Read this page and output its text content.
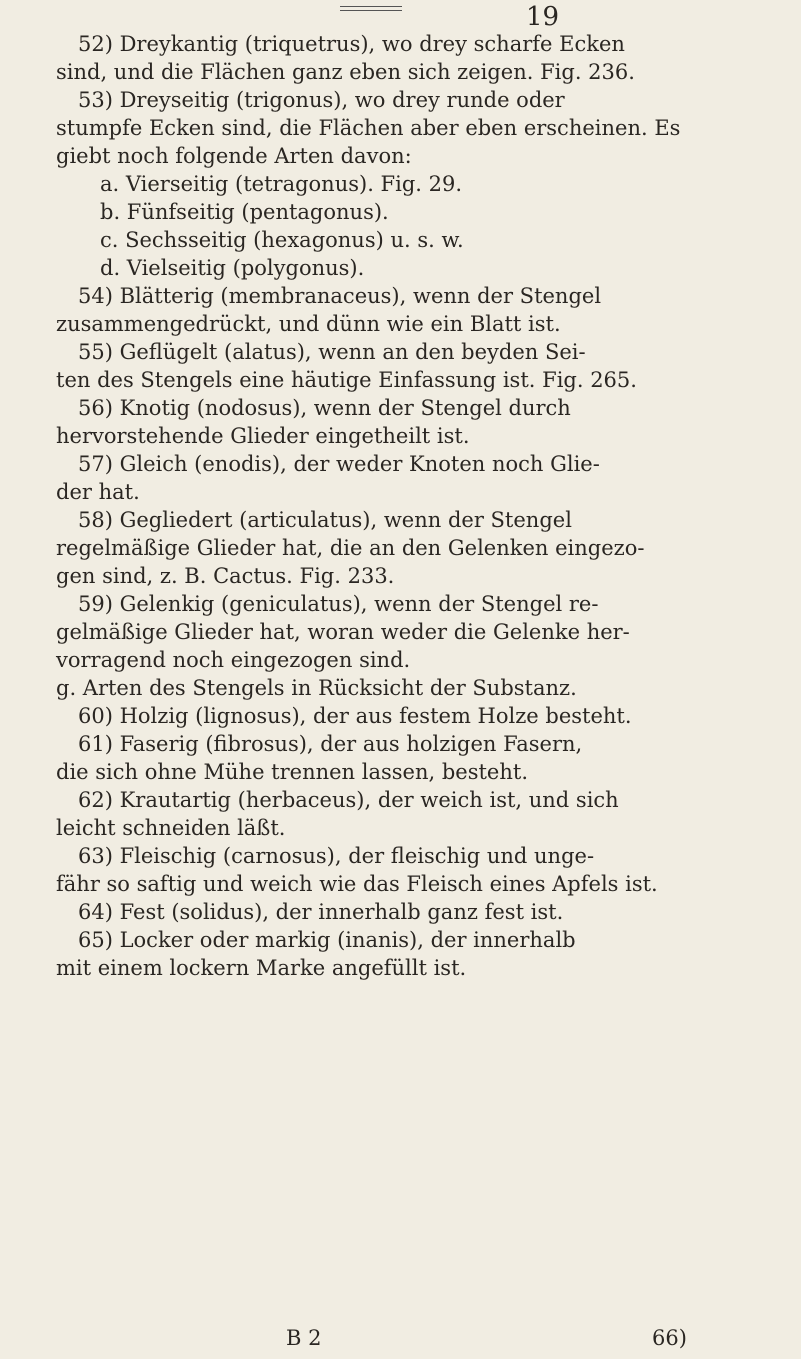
19
52) Dreykantig (triquetrus), wo drey scharfe Ecken
sind, und die Flächen ganz eben sich zeigen. Fig. 236.
53) Dreyseitig (trigonus), wo drey runde oder
stumpfe Ecken sind, die Flächen aber eben erscheinen. Es
giebt noch folgende Arten davon:
a. Vierseitig (tetragonus). Fig. 29.
b. Fünfseitig (pentagonus).
c. Sechsseitig (hexagonus) u. s. w.
d. Vielseitig (polygonus).
54) Blätterig (membranaceus), wenn der Stengel
zusammengedrückt, und dünn wie ein Blatt ist.
55) Geflügelt (alatus), wenn an den beyden Sei-
ten des Stengels eine häutige Einfassung ist. Fig. 265.
56) Knotig (nodosus), wenn der Stengel durch
hervorstehende Glieder eingetheilt ist.
57) Gleich (enodis), der weder Knoten noch Glie-
der hat.
58) Gegliedert (articulatus), wenn der Stengel
regelmäßige Glieder hat, die an den Gelenken eingezo-
gen sind, z. B. Cactus. Fig. 233.
59) Gelenkig (geniculatus), wenn der Stengel re-
gelmäßige Glieder hat, woran weder die Gelenke her-
vorragend noch eingezogen sind.
g. Arten des Stengels in Rücksicht der Substanz.
60) Holzig (lignosus), der aus festem Holze besteht.
61) Faserig (fibrosus), der aus holzigen Fasern,
die sich ohne Mühe trennen lassen, besteht.
62) Krautartig (herbaceus), der weich ist, und sich
leicht schneiden läßt.
63) Fleischig (carnosus), der fleischig und unge-
fähr so saftig und weich wie das Fleisch eines Apfels ist.
64) Fest (solidus), der innerhalb ganz fest ist.
65) Locker oder markig (inanis), der innerhalb
mit einem lockern Marke angefüllt ist.
B 2	66)
